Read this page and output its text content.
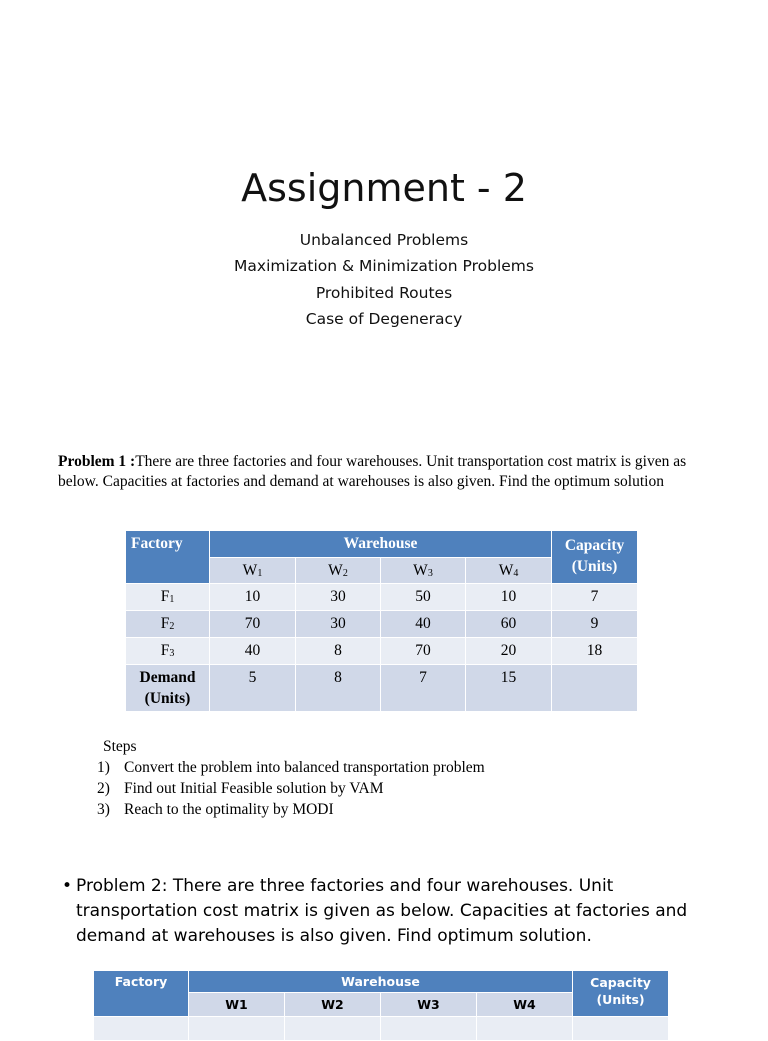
Assignment - 2
Unbalanced Problems
Maximization & Minimization Problems
Prohibited Routes
Case of Degeneracy
Problem 1 :There are three factories and four warehouses. Unit transportation cost matrix is given as below. Capacities at factories and demand at warehouses is also given. Find the optimum solution
Factory	Warehouse				Capacity (Units)
	$W_1$	$W_2$	$W_3$	$W_4$
$F_1$	10	30	50	10	7
$F_2$	70	30	40	60	9
$F_3$	40	8	70	20	18
Demand (Units)	5	8	7	15	
Steps
1) Convert the problem into balanced transportation problem
2) Find out Initial Feasible solution by VAM
3) Reach to the optimality by MODI
• Problem 2: There are three factories and four warehouses. Unit transportation cost matrix is given as below. Capacities at factories and demand at warehouses is also given. Find optimum solution.
Factory	Warehouse				Capacity (Units)
	W1	W2	W3	W4	
